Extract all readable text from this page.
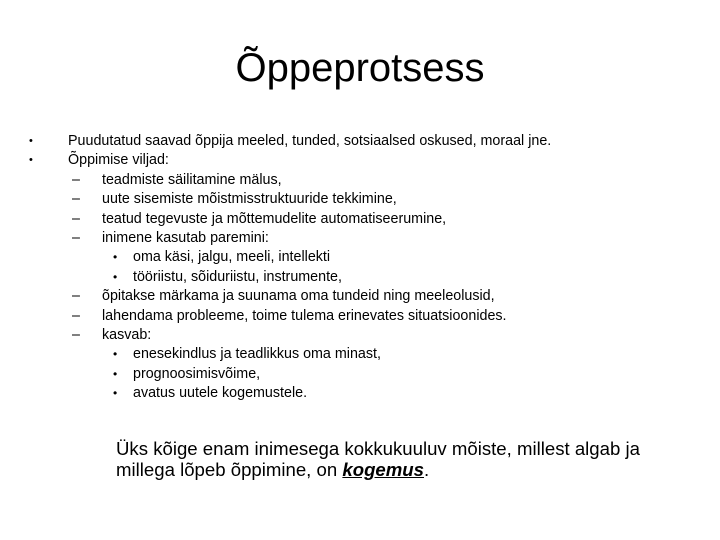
Õppeprotsess
• Puudutatud saavad õppija meeled, tunded, sotsiaalsed oskused, moraal jne.
• Õppimise viljad:
– teadmiste säilitamine mälus,
– uute sisemiste mõistmisstruktuuride tekkimine,
– teatud tegevuste ja mõttemudelite automatiseerumine,
– inimene kasutab paremini:
• oma käsi, jalgu, meeli, intellekti
• tööriistu, sõiduriistu, instrumente,
– õpitakse märkama ja suunama oma tundeid ning meeleolusid,
– lahendama probleeme, toime tulema erinevates situatsioonides.
– kasvab:
• enesekindlus ja teadlikkus oma minast,
• prognoosimisvõime,
• avatus uutele kogemustele.
Üks kõige enam inimesega kokkukuuluv mõiste, millest algab ja millega lõpeb õppimine, on kogemus.
